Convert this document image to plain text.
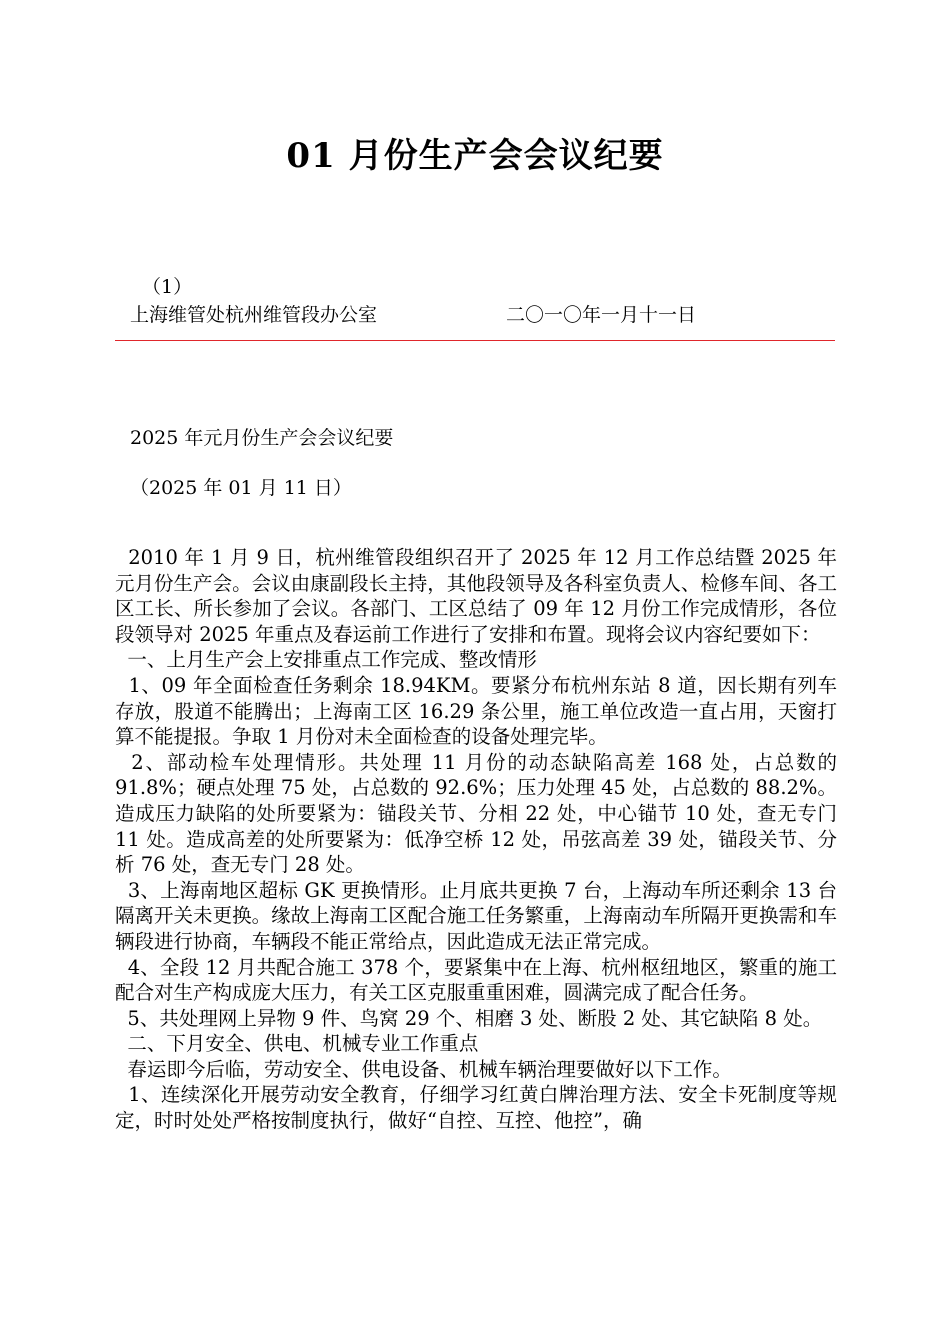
01 月份生产会会议纪要
（1）
上海维管处杭州维管段办公室	二〇一〇年一月十一日
2025 年元月份生产会会议纪要
（2025 年 01 月 11 日）

2010 年 1 月 9 日，杭州维管段组织召开了 2025 年 12 月工作总结暨 2025 年元月份生产会。会议由康副段长主持，其他段领导及各科室负责人、检修车间、各工区工长、所长参加了会议。各部门、工区总结了 09 年 12 月份工作完成情形，各位段领导对 2025 年重点及春运前工作进行了安排和布置。现将会议内容纪要如下：

一、上月生产会上安排重点工作完成、整改情形

1、09 年全面检查任务剩余 18.94KM。要紧分布杭州东站 8 道，因长期有列车存放，股道不能腾出；上海南工区 16.29 条公里，施工单位改造一直占用，天窗打算不能提报。争取 1 月份对未全面检查的设备处理完毕。

2、部动检车处理情形。共处理 11 月份的动态缺陷高差 168 处，占总数的 91.8%；硬点处理 75 处，占总数的 92.6%；压力处理 45 处，占总数的 88.2%。造成压力缺陷的处所要紧为：锚段关节、分相 22 处，中心锚节 10 处，查无专门 11 处。造成高差的处所要紧为：低净空桥 12 处，吊弦高差 39 处，锚段关节、分析 76 处，查无专门 28 处。

3、上海南地区超标 GK 更换情形。止月底共更换 7 台，上海动车所还剩余 13 台隔离开关未更换。缘故上海南工区配合施工任务繁重，上海南动车所隔开更换需和车辆段进行协商，车辆段不能正常给点，因此造成无法正常完成。

4、全段 12 月共配合施工 378 个，要紧集中在上海、杭州枢纽地区，繁重的施工配合对生产构成庞大压力，有关工区克服重重困难，圆满完成了配合任务。

5、共处理网上异物 9 件、鸟窝 29 个、相磨 3 处、断股 2 处、其它缺陷 8 处。

二、下月安全、供电、机械专业工作重点

春运即今后临，劳动安全、供电设备、机械车辆治理要做好以下工作。

1、连续深化开展劳动安全教育，仔细学习红黄白牌治理方法、安全卡死制度等规定，时时处处严格按制度执行，做好“自控、互控、他控”，确
